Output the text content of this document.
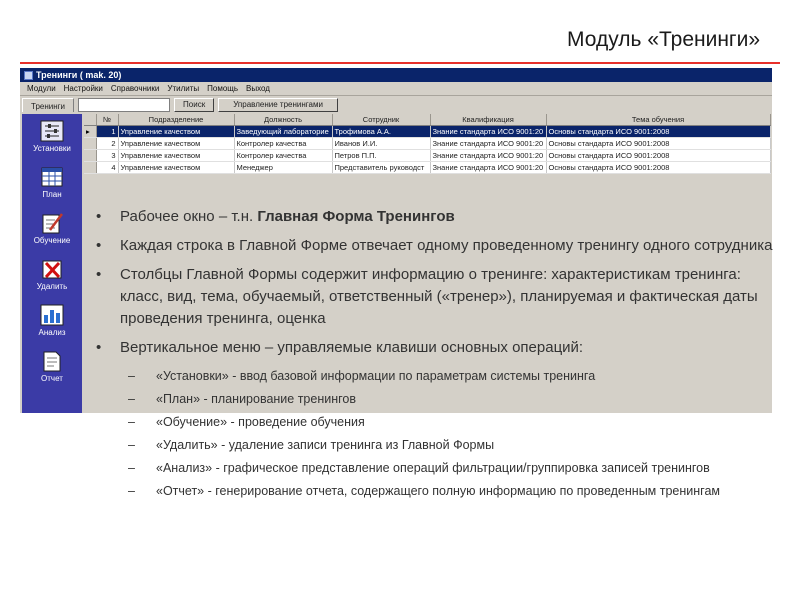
Модуль «Тренинги»
Тренинги ( mak. 20)
Модули	Настройки	Справочники	Утилиты	Помощь	Выход
Тренинги	Поиск	Управление тренингами
Установки
План
Обучение
Удалить
Анализ
Отчет
	№	Подразделение	Должность	Сотрудник	Квалификация	Тема обучения
▸	1	Управление качеством	Заведующий лабораторие	Трофимова А.А.	Знание стандарта ИСО 9001:20	Основы стандарта ИСО 9001:2008
	2	Управление качеством	Контролер качества	Иванов И.И.	Знание стандарта ИСО 9001:20	Основы стандарта ИСО 9001:2008
	3	Управление качеством	Контролер качества	Петров П.П.	Знание стандарта ИСО 9001:20	Основы стандарта ИСО 9001:2008
	4	Управление качеством	Менеджер	Представитель руководст	Знание стандарта ИСО 9001:20	Основы стандарта ИСО 9001:2008
• Рабочее окно – т.н. Главная Форма Тренингов
• Каждая строка в Главной Форме отвечает одному проведенному тренингу одного сотрудника
• Столбцы Главной Формы содержит информацию о тренинге: характеристикам тренинга: класс, вид, тема, обучаемый, ответственный («тренер»), планируемая и фактическая даты проведения тренинга, оценка
• Вертикальное меню – управляемые клавиши основных операций:
– «Установки» - ввод базовой информации по параметрам системы тренинга
– «План» - планирование тренингов
– «Обучение» - проведение обучения
– «Удалить» - удаление записи тренинга из Главной Формы
– «Анализ» - графическое представление операций фильтрации/группировка записей тренингов
– «Отчет» - генерирование отчета, содержащего полную информацию по проведенным тренингам
